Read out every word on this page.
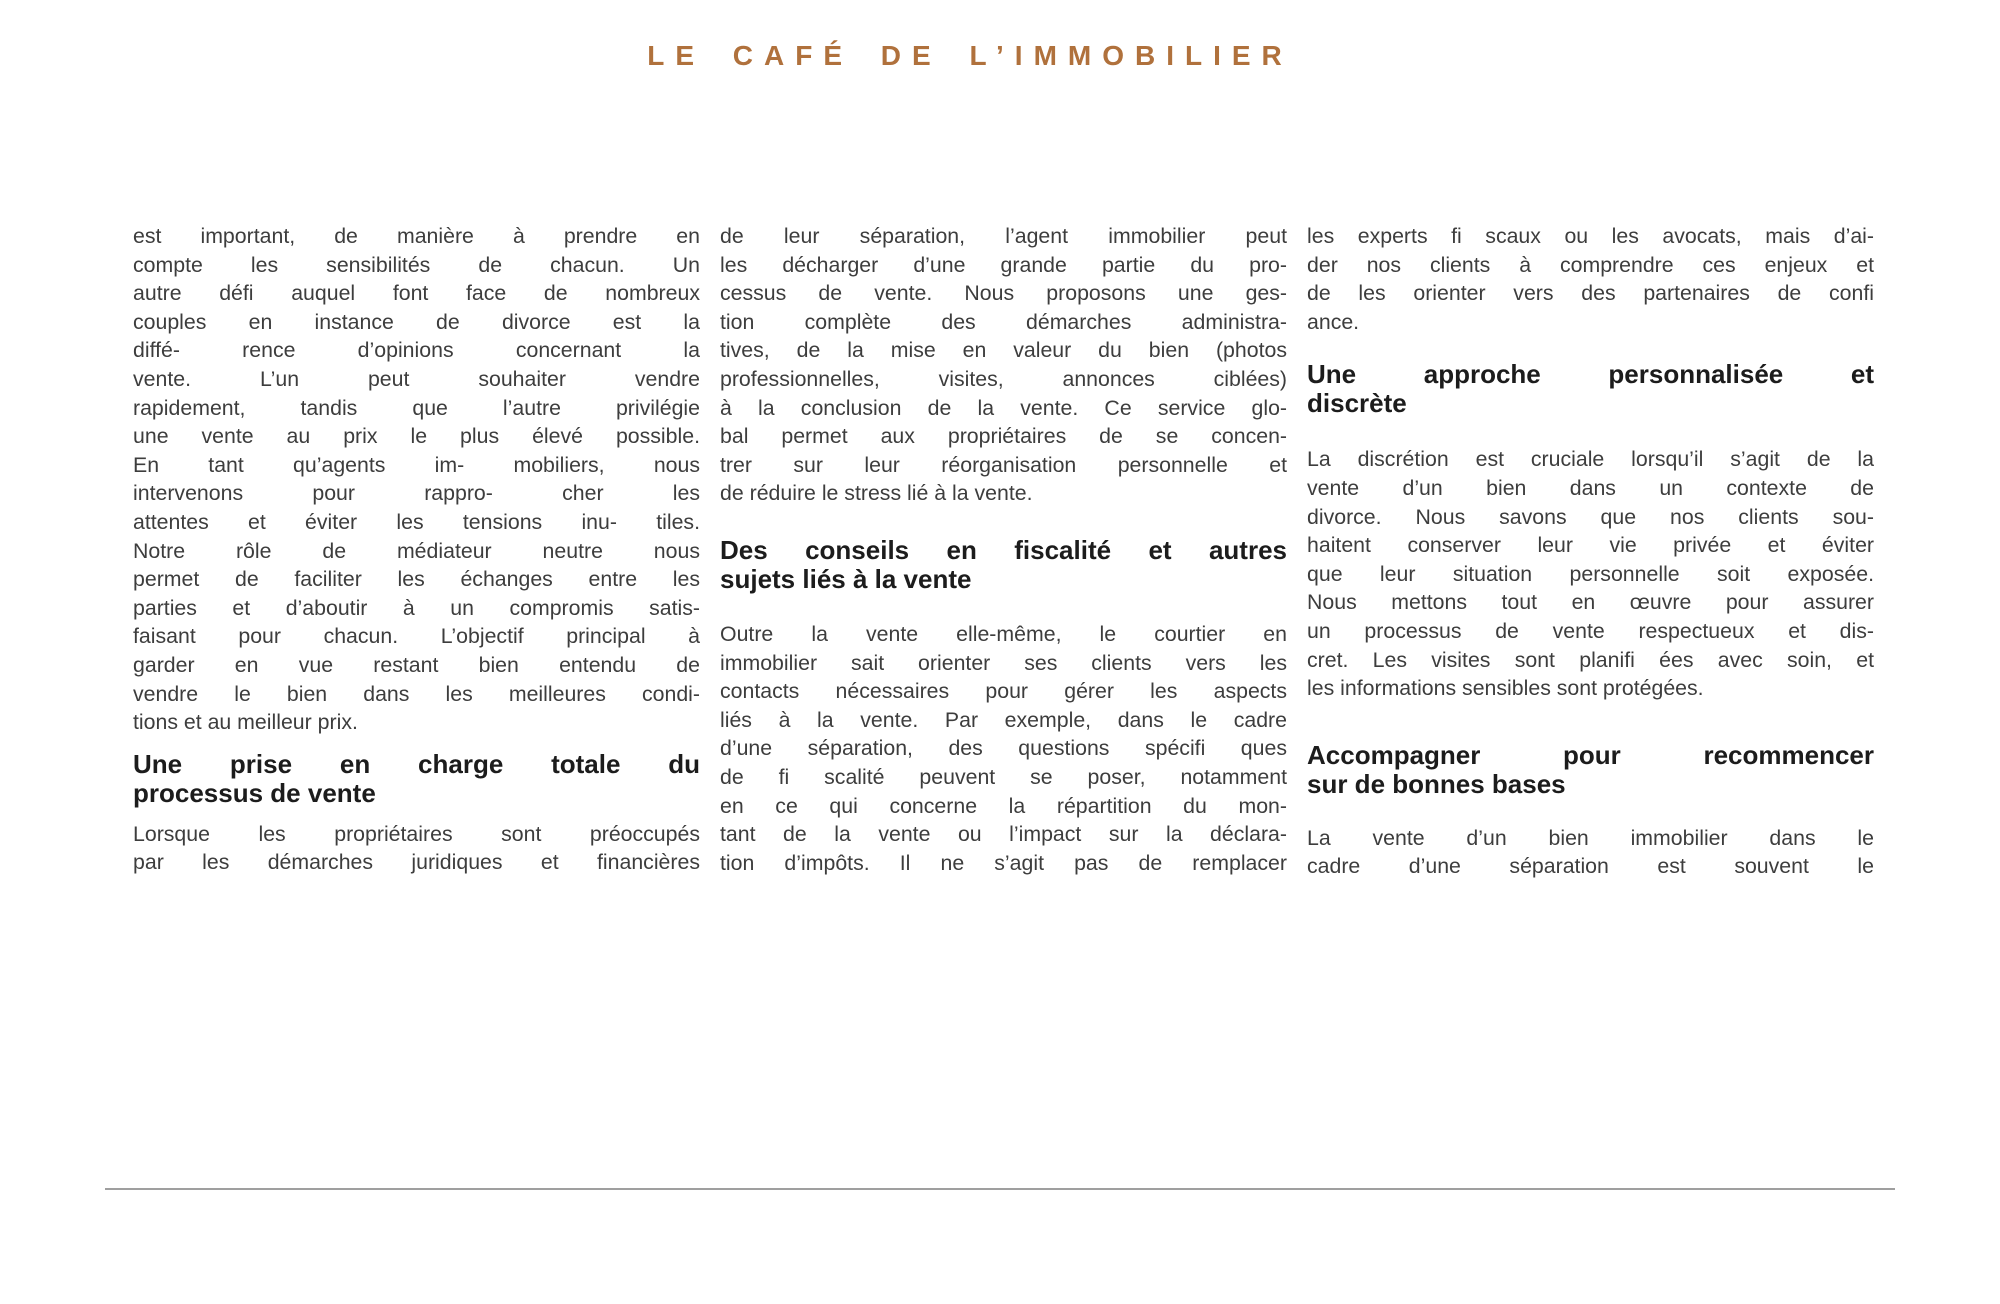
LE CAFÉ DE L’IMMOBILIER
est important, de manière à prendre en
compte les sensibilités de chacun. Un
autre défi auquel font face de nombreux
couples en instance de divorce est la
diffé- rence d’opinions concernant la
vente. L’un peut souhaiter vendre
rapidement, tandis que l’autre privilégie
une vente au prix le plus élevé possible.
En tant qu’agents im- mobiliers, nous
intervenons pour rappro- cher les
attentes et éviter les tensions inu- tiles.
Notre rôle de médiateur neutre nous
permet de faciliter les échanges entre les
parties et d’aboutir à un compromis satis-
faisant pour chacun. L’objectif principal à
garder en vue restant bien entendu de
vendre le bien dans les meilleures condi-
tions et au meilleur prix.
Une prise en charge totale du
processus de vente
Lorsque les propriétaires sont préoccupés
par les démarches juridiques et financières
de leur séparation, l’agent immobilier peut
les décharger d’une grande partie du pro-
cessus de vente. Nous proposons une ges-
tion complète des démarches administra-
tives, de la mise en valeur du bien (photos
professionnelles, visites, annonces ciblées)
à la conclusion de la vente. Ce service glo-
bal permet aux propriétaires de se concen-
trer sur leur réorganisation personnelle et
de réduire le stress lié à la vente.
Des conseils en fiscalité et autres
sujets liés à la vente
Outre la vente elle-même, le courtier en
immobilier sait orienter ses clients vers les
contacts nécessaires pour gérer les aspects
liés à la vente. Par exemple, dans le cadre
d’une séparation, des questions spécifi ques
de fi scalité peuvent se poser, notamment
en ce qui concerne la répartition du mon-
tant de la vente ou l’impact sur la déclara-
tion d’impôts. Il ne s’agit pas de remplacer
les experts fi scaux ou les avocats, mais d’ai-
der nos clients à comprendre ces enjeux et
de les orienter vers des partenaires de confi
ance.
Une approche personnalisée et
discrète
La discrétion est cruciale lorsqu’il s’agit de la
vente d’un bien dans un contexte de
divorce. Nous savons que nos clients sou-
haitent conserver leur vie privée et éviter
que leur situation personnelle soit exposée.
Nous mettons tout en œuvre pour assurer
un processus de vente respectueux et dis-
cret. Les visites sont planifi ées avec soin, et
les informations sensibles sont protégées.
Accompagner pour recommencer
sur de bonnes bases
La vente d’un bien immobilier dans le
cadre d’une séparation est souvent le
